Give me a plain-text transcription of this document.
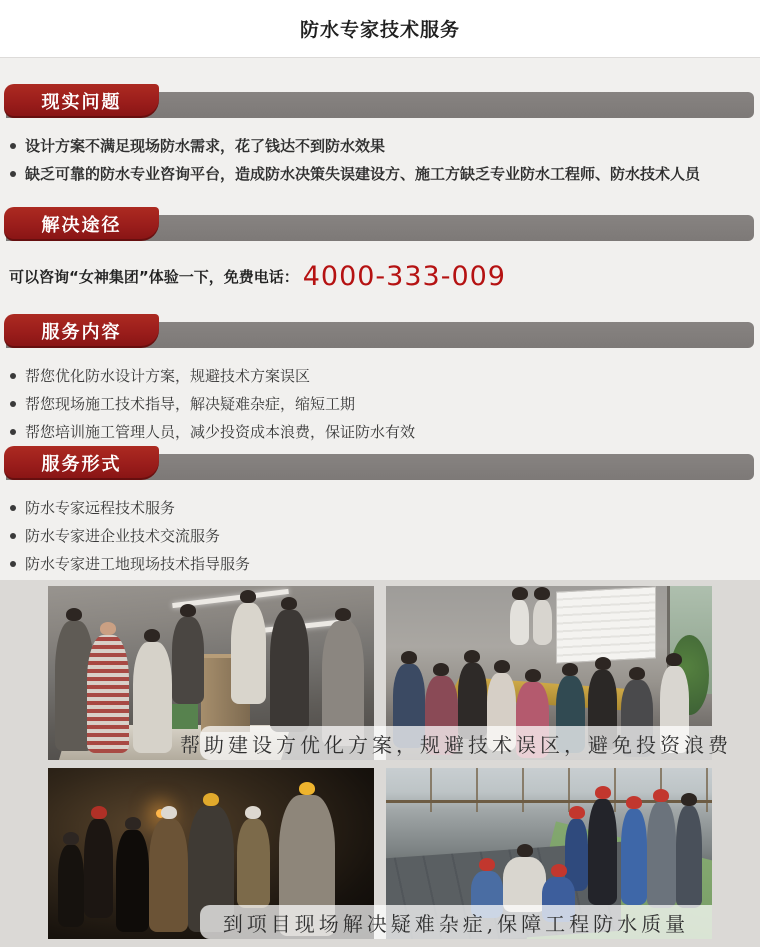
防水专家技术服务
现实问题
设计方案不满足现场防水需求，花了钱达不到防水效果
缺乏可靠的防水专业咨询平台，造成防水决策失误建设方、施工方缺乏专业防水工程师、防水技术人员
解决途径

可以咨询“女神集团”体验一下，免费电话： 4000-333-009

服务内容
帮您优化防水设计方案，规避技术方案误区
帮您现场施工技术指导，解决疑难杂症，缩短工期
帮您培训施工管理人员，减少投资成本浪费，保证防水有效
服务形式
防水专家远程技术服务
防水专家进企业技术交流服务
防水专家进工地现场技术指导服务
帮助建设方优化方案，规避技术误区，避免投资浪费
到项目现场解决疑难杂症,保障工程防水质量
